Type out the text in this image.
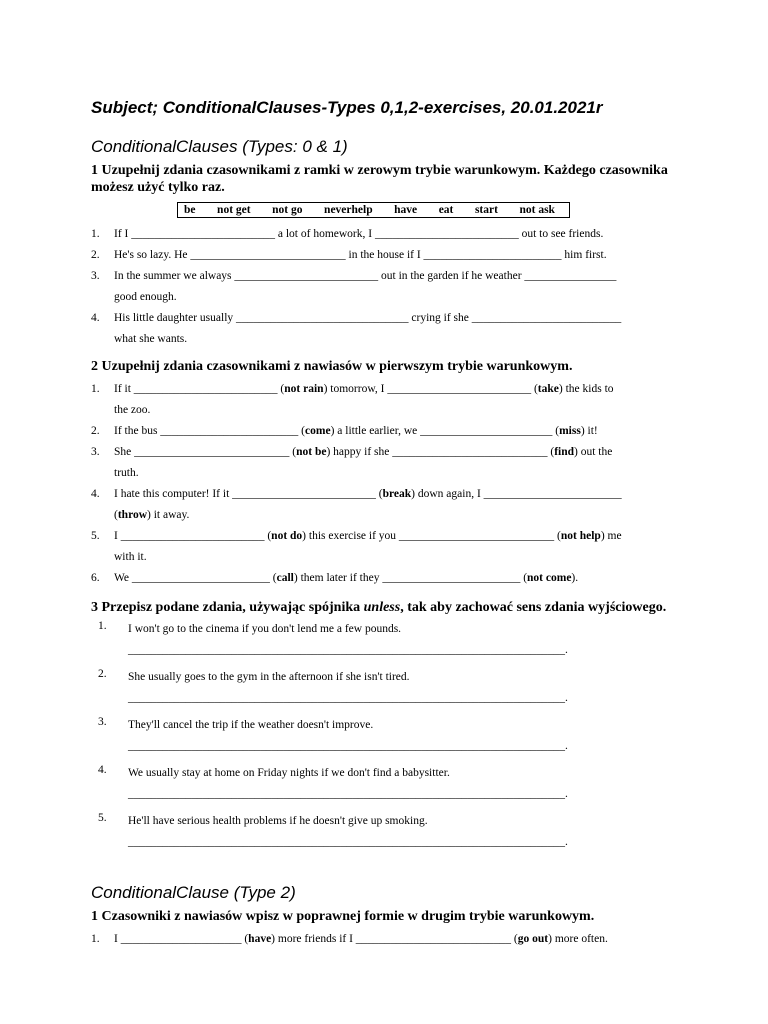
Subject; ConditionalClauses-Types 0,1,2-exercises, 20.01.2021r
ConditionalClauses (Types: 0 & 1)
1 Uzupełnij zdania czasownikami z ramki w zerowym trybie warunkowym. Każdego czasownika możesz użyć tylko raz.
be not get not go neverhelp have eat start not ask
1.	If I _________________________ a lot of homework, I _________________________ out to see friends.
2.	He's so lazy. He ___________________________ in the house if I ________________________ him first.
3.	In the summer we always _________________________ out in the garden if he weather ________________
good enough.
4.	His little daughter usually ______________________________ crying if she __________________________
what she wants.
2 Uzupełnij zdania czasownikami z nawiasów w pierwszym trybie warunkowym.
1.	If it _________________________ (not rain) tomorrow, I _________________________ (take) the kids to
the zoo.
2.	If the bus ________________________ (come) a little earlier, we _______________________ (miss) it!
3.	She ___________________________ (not be) happy if she ___________________________ (find) out the
truth.
4.	I hate this computer! If it _________________________ (break) down again, I ________________________
(throw) it away.
5.	I _________________________ (not do) this exercise if you ___________________________ (not help) me
with it.
6.	We ________________________ (call) them later if they ________________________ (not come).
3 Przepisz podane zdania, używając spójnika unless, tak aby zachować sens zdania wyjściowego.
1.	I won't go to the cinema if you don't lend me a few pounds.
____________________________________________________________________________.
2.	She usually goes to the gym in the afternoon if she isn't tired.
____________________________________________________________________________.
3.	They'll cancel the trip if the weather doesn't improve.
____________________________________________________________________________.
4.	We usually stay at home on Friday nights if we don't find a babysitter.
____________________________________________________________________________.
5.	He'll have serious health problems if he doesn't give up smoking.
____________________________________________________________________________.
ConditionalClause (Type 2)
1 Czasowniki z nawiasów wpisz w poprawnej formie w drugim trybie warunkowym.
1.	I _____________________ (have) more friends if I ___________________________ (go out) more often.
